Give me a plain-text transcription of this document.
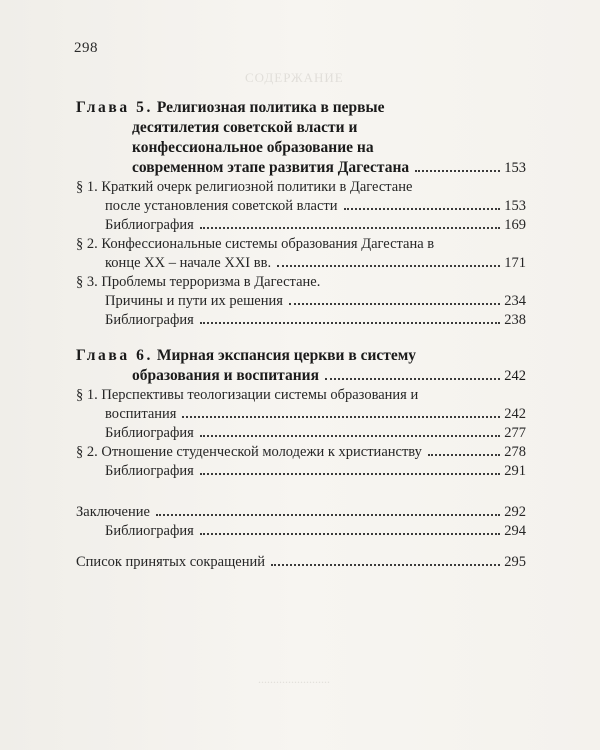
СОДЕРЖАНИЕ
........................
298
Глава 5. Религиозная политика в первые
десятилетия советской власти и
конфессиональное образование на
современном этапе развития Дагестана	153
§ 1. Краткий очерк религиозной политики в Дагестане
после установления советской власти	153
Библиография	169
§ 2. Конфессиональные системы образования Дагестана в
конце XX – начале XXI вв.	171
§ 3. Проблемы терроризма в Дагестане.
Причины и пути их решения	234
Библиография	238
Глава 6. Мирная экспансия церкви в систему
образования и воспитания	242
§ 1. Перспективы теологизации системы образования и
воспитания	242
Библиография	277
§ 2. Отношение студенческой молодежи к христианству	278
Библиография	291
Заключение	292
Библиография	294
Список принятых сокращений	295
